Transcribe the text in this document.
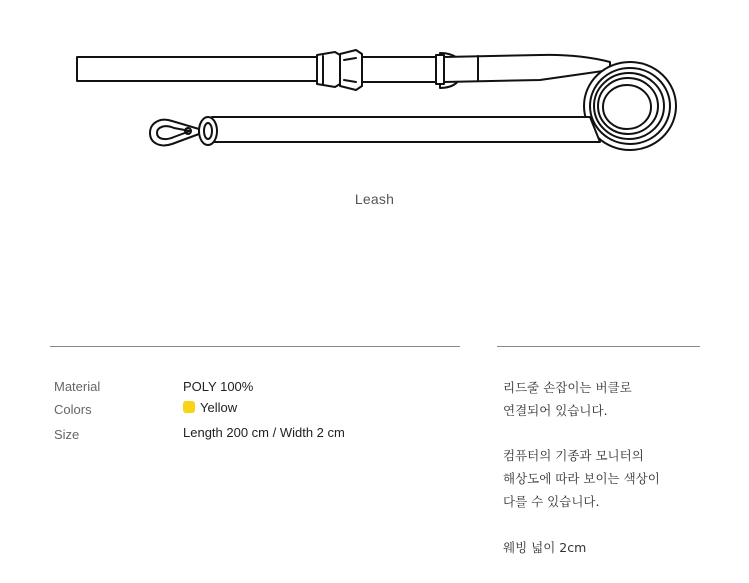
Leash
Material	POLY 100%
Colors	Yellow
Size	Length 200 cm / Width 2 cm
리드줄 손잡이는 버클로
연결되어 있습니다.
컴퓨터의 기종과 모니터의
해상도에 따라 보이는 색상이
다를 수 있습니다.
웨빙 넓이 2cm
